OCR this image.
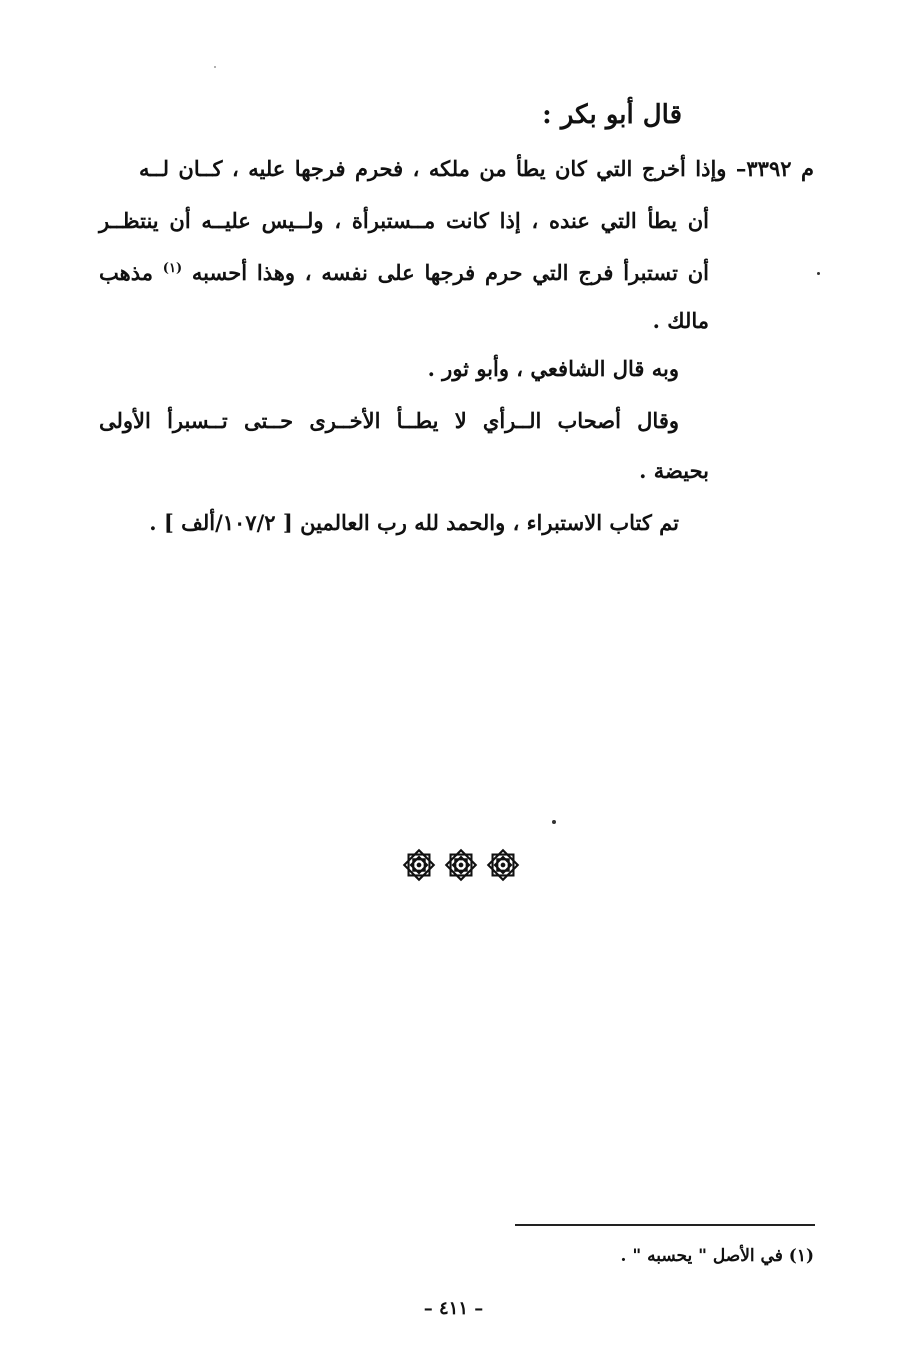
قال أبو بكر :
م ٣٣٩٢– وإذا أخرج التي كان يطأ من ملكه ، فحرم فرجها عليه ، كــان لــه
أن يطأ التي عنده ، إذا كانت مــستبرأة ، ولــيس عليــه أن ينتظــر
أن تستبرأ فرج التي حرم فرجها على نفسه ، وهذا أحسبه $^{(١)}$ مذهب
مالك .
وبه قال الشافعي ، وأبو ثور .
وقال أصحاب الــرأي لا يطــأ الأخــرى حــتى تــسبرأ الأولى
بحيضة .
تم كتاب الاستبراء ، والحمد لله رب العالمين [ ١٠٧/٢/ألف ] .
(١) في الأصل " يحسبه " .
– ٤١١ –
